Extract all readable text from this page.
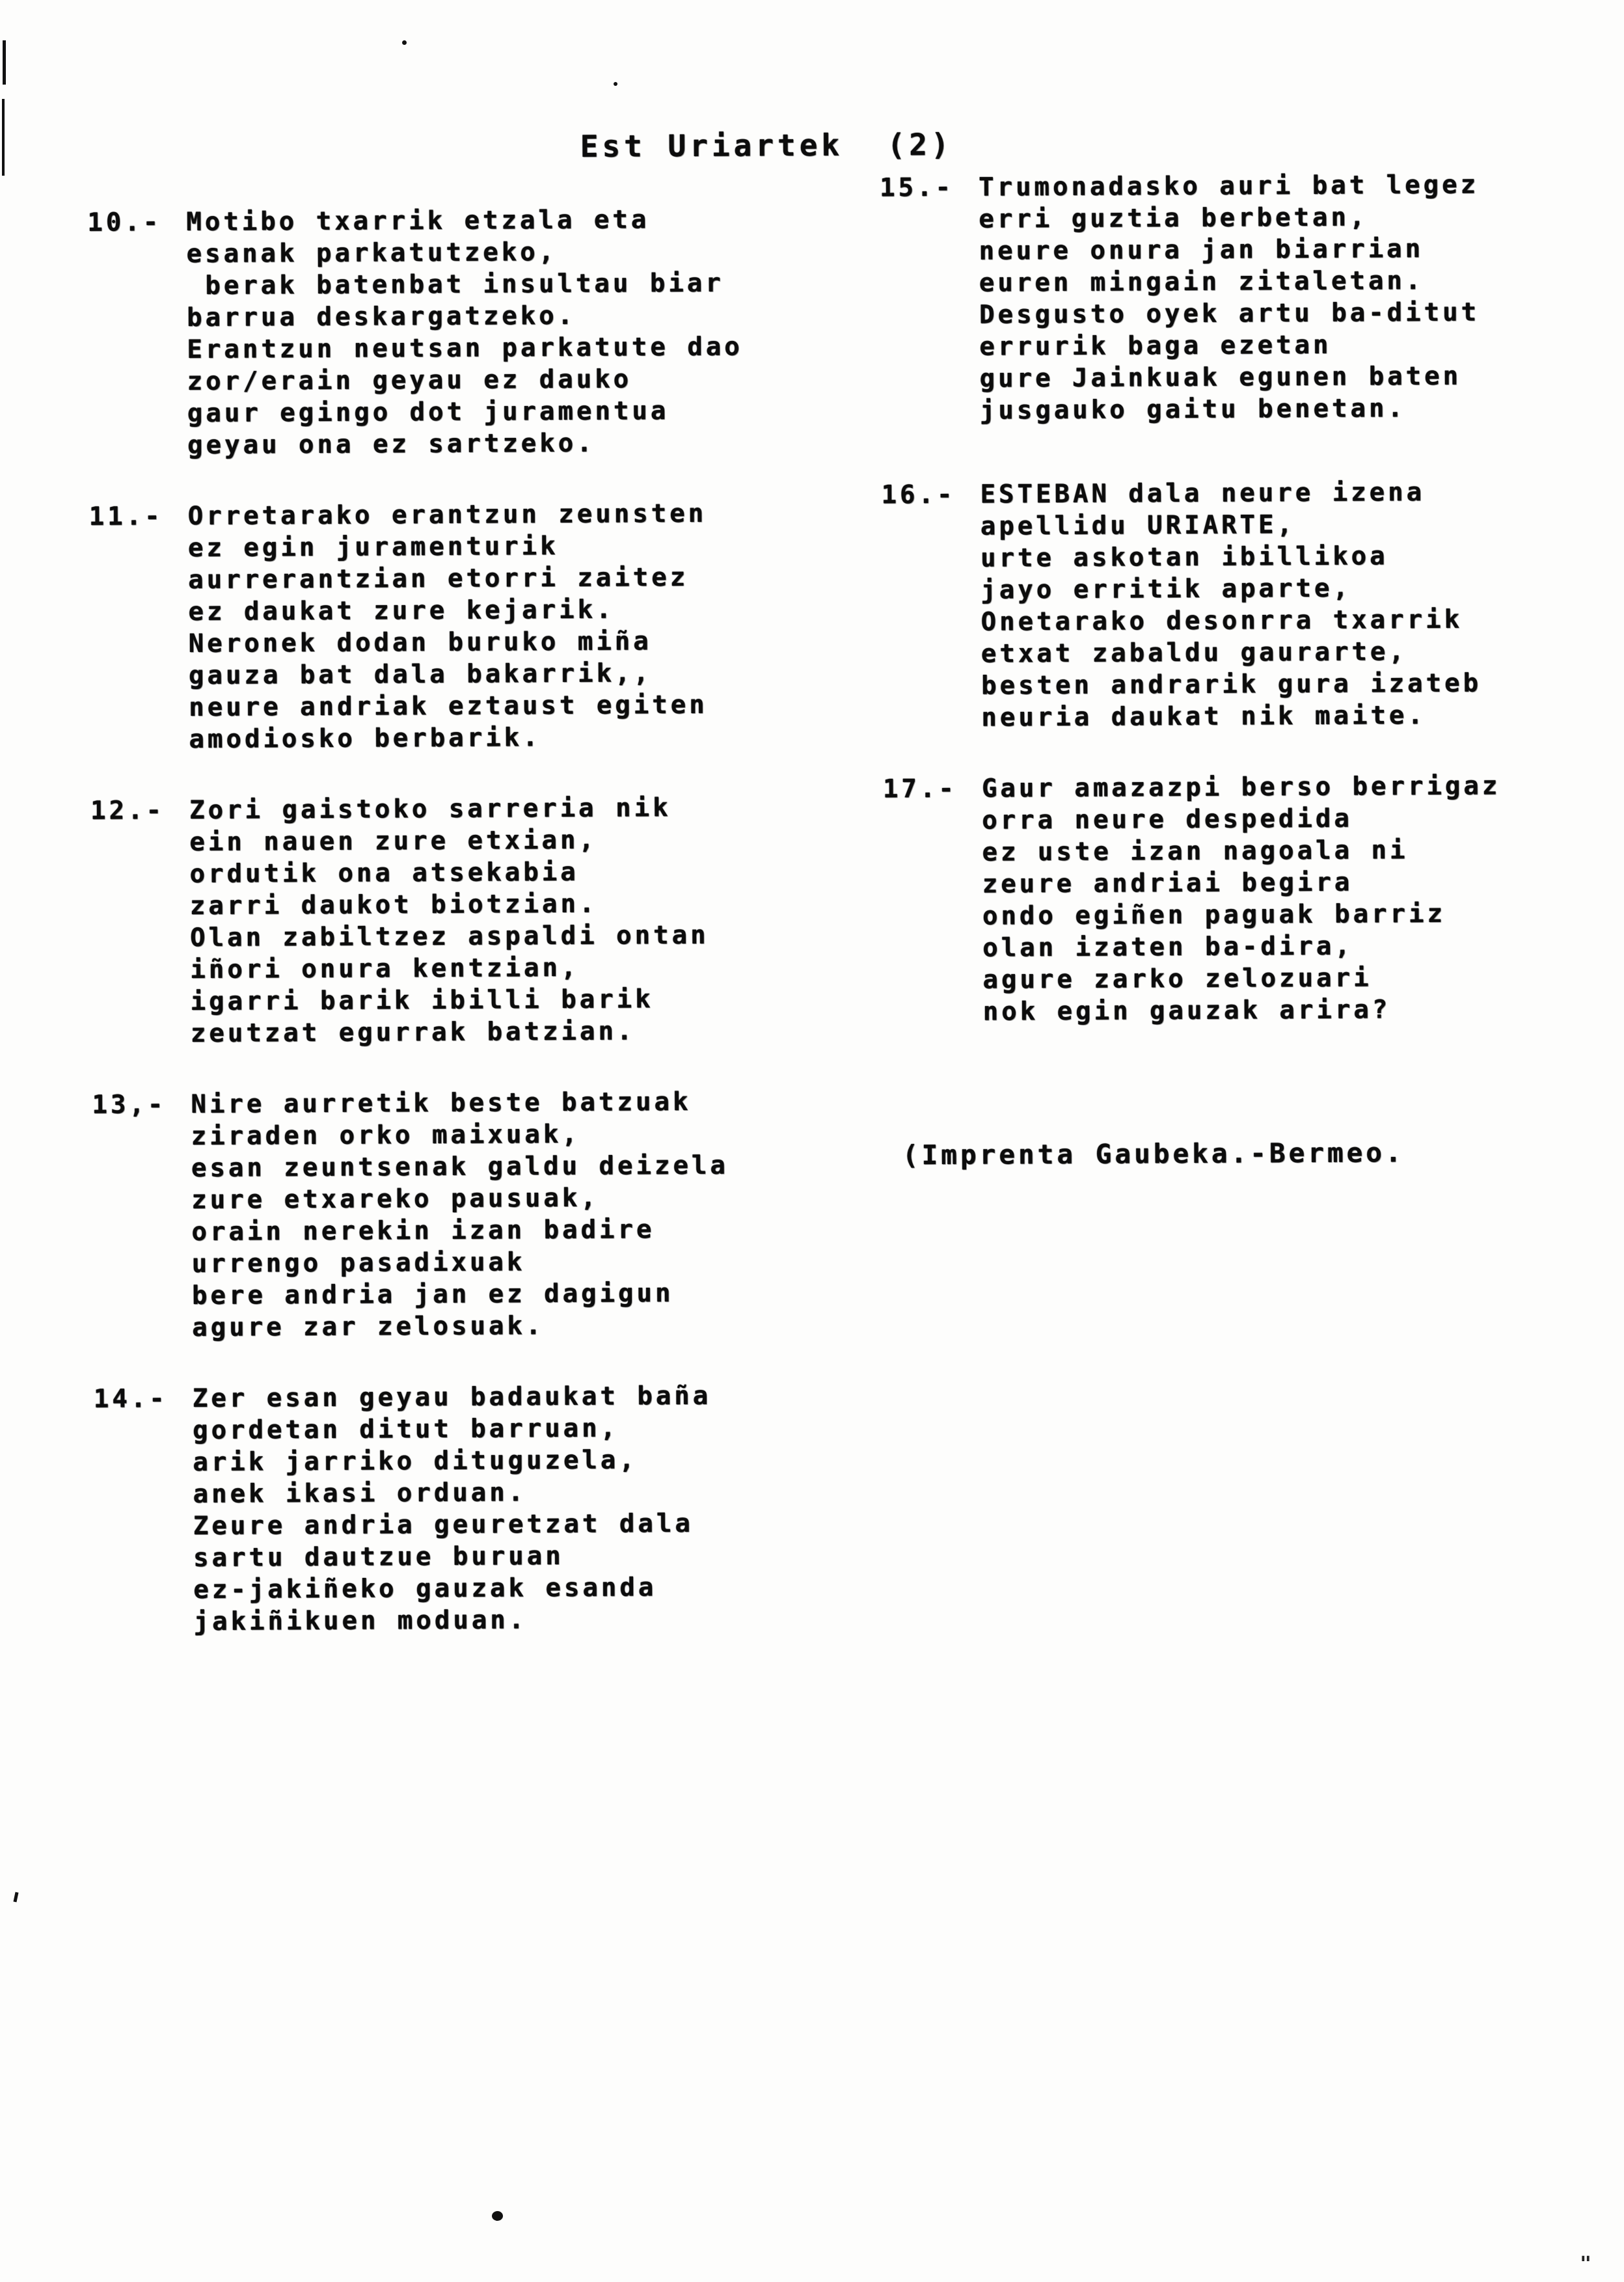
Est Uriartek  (2)
10.- Motibo txarrik etzala eta
esanak parkatutzeko,
berak batenbat insultau biar
barrua deskargatzeko.
Erantzun neutsan parkatute dao
zor/erain geyau ez dauko
gaur egingo dot juramentua
geyau ona ez sartzeko.
11.- Orretarako erantzun zeunsten
ez egin juramenturik
aurrerantzian etorri zaitez
ez daukat zure kejarik.
Neronek dodan buruko miña
gauza bat dala bakarrik,,
neure andriak eztaust egiten
amodiosko berbarik.
12.- Zori gaistoko sarreria nik
ein nauen zure etxian,
ordutik ona atsekabia
zarri daukot biotzian.
Olan zabiltzez aspaldi ontan
iñori onura kentzian,
igarri barik ibilli barik
zeutzat egurrak batzian.
13,- Nire aurretik beste batzuak
ziraden orko maixuak,
esan zeuntsenak galdu deizela
zure etxareko pausuak,
orain nerekin izan badire
urrengo pasadixuak
bere andria jan ez dagigun
agure zar zelosuak.
14.- Zer esan geyau badaukat baña
gordetan ditut barruan,
arik jarriko dituguzela,
anek ikasi orduan.
Zeure andria geuretzat dala
sartu dautzue buruan
ez-jakiñeko gauzak esanda
jakiñikuen moduan.
15.- Trumonadasko auri bat legez
erri guztia berbetan,
neure onura jan biarrian
euren mingain zitaletan.
Desgusto oyek artu ba-ditut
errurik baga ezetan
gure Jainkuak egunen baten
jusgauko gaitu benetan.
16.- ESTEBAN dala neure izena
apellidu URIARTE,
urte askotan ibillikoa
jayo erritik aparte,
Onetarako desonrra txarrik
etxat zabaldu gaurarte,
besten andrarik gura izateb
neuria daukat nik maite.
17.- Gaur amazazpi berso berrigaz
orra neure despedida
ez uste izan nagoala ni
zeure andriai begira
ondo egiñen paguak barriz
olan izaten ba-dira,
agure zarko zelozuari
nok egin gauzak arira?
(Imprenta Gaubeka.-Bermeo.
"
